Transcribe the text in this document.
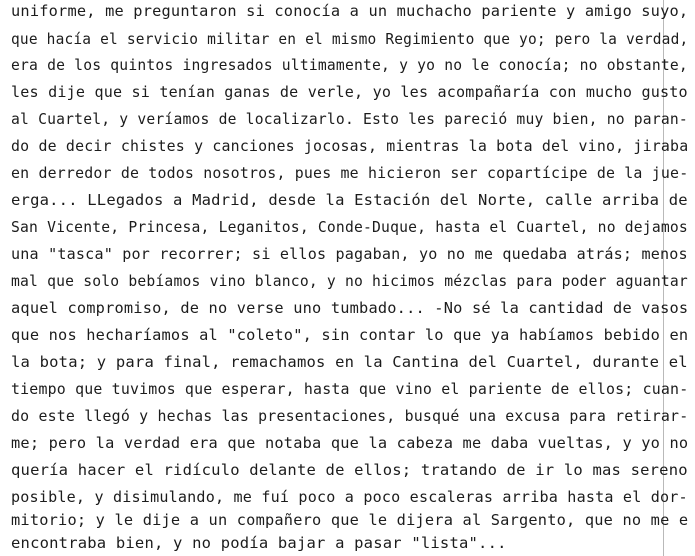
uniforme, me preguntaron si conocía a un muchacho pariente y amigo suyo,
que hacía el servicio militar en el mismo Regimiento que yo; pero la verdad,
era de los quintos ingresados ultimamente, y yo no le conocía; no obstante,
les dije que si tenían ganas de verle, yo les acompañaría con mucho gusto
al Cuartel, y veríamos de localizarlo. Esto les pareció muy bien, no paran-
do de decir chistes y canciones jocosas, mientras la bota del vino, jiraba
en derredor de todos nosotros, pues me hicieron ser copartícipe de la jue-
erga... LLegados a Madrid, desde la Estación del Norte, calle arriba de
San Vicente, Princesa, Leganitos, Conde-Duque, hasta el Cuartel, no dejamos
una "tasca" por recorrer; si ellos pagaban, yo no me quedaba atrás; menos
mal que solo bebíamos vino blanco, y no hicimos mézclas para poder aguantar
aquel compromiso, de no verse uno tumbado... -No sé la cantidad de vasos
que nos hecharíamos al "coleto", sin contar lo que ya habíamos bebido en
la bota; y para final, remachamos en la Cantina del Cuartel, durante el
tiempo que tuvimos que esperar, hasta que vino el pariente de ellos; cuan-
do este llegó y hechas las presentaciones, busqué una excusa para retirar-
me; pero la verdad era que notaba que la cabeza me daba vueltas, y yo no
quería hacer el ridículo delante de ellos; tratando de ir lo mas sereno
posible, y disimulando, me fuí poco a poco escaleras arriba hasta el dor-
mitorio; y le dije a un compañero que le dijera al Sargento, que no me e
encontraba bien, y no podía bajar a pasar "lista"...
